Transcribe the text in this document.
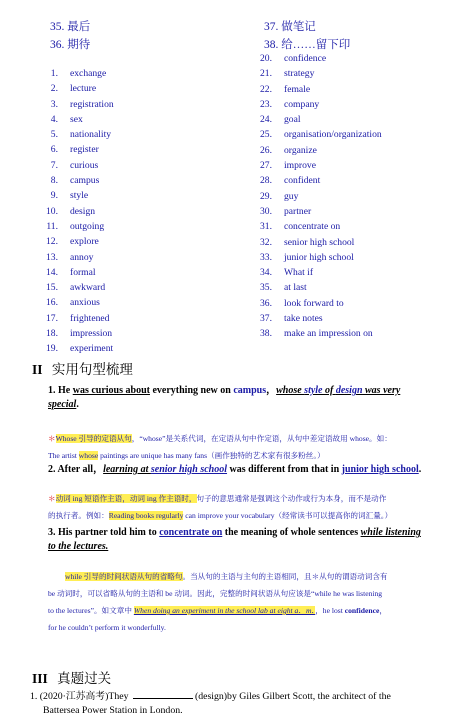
35. 最后
36. 期待
37. 做笔记
38. 给……留下印
1. exchange
2. lecture
3. registration
4. sex
5. nationality
6. register
7. curious
8. campus
9. style
10. design
11. outgoing
12. explore
13. annoy
14. formal
15. awkward
16. anxious
17. frightened
18. impression
19. experiment
20. confidence
21. strategy
22. female
23. company
24. goal
25. organisation/organization
26. organize
27. improve
28. confident
29. guy
30. partner
31. concentrate on
32. senior high school
33. junior high school
34. What if
35. at last
36. look forward to
37. take notes
38. make an impression on
II 实用句型梳理
1. He was curious about everything new on campus，whose style of design was very
special.
＊Whose 引导的定语从句，“whose”是关系代词，在定语从句中作定语，从句中差定语故用 whose。如：
The artist whose paintings are unique has many fans（画作独特的艺术家有很多粉丝。）
2. After all，learning at senior high school was different from that in junior high school.
＊动词 ing 短语作主语，动词 ing 作主语时，句子的意思通常是强调这个动作或行为本身，而不是动作
的执行者。例如：Reading books regularly can improve your vocabulary（经常读书可以提高你的词汇量。）
3. His partner told him to concentrate on the meaning of whole sentences while listening
to the lectures.
while 引导的时间状语从句的省略句。当从句的主语与主句的主语相同，且＊从句的谓语动词含有
be 动词时，可以省略从句的主语和 be 动词。因此，完整的时间状语从句应该是“while he was listening
to the lectures”。如文章中 When doing an experiment in the school lab at eight a．m．，he lost confidence，
for he couldn’t perform it wonderfully.
III 真题过关
1. (2020·江苏高考)They	(design)by Giles Gilbert Scott, the architect of the
Battersea Power Station in London.
